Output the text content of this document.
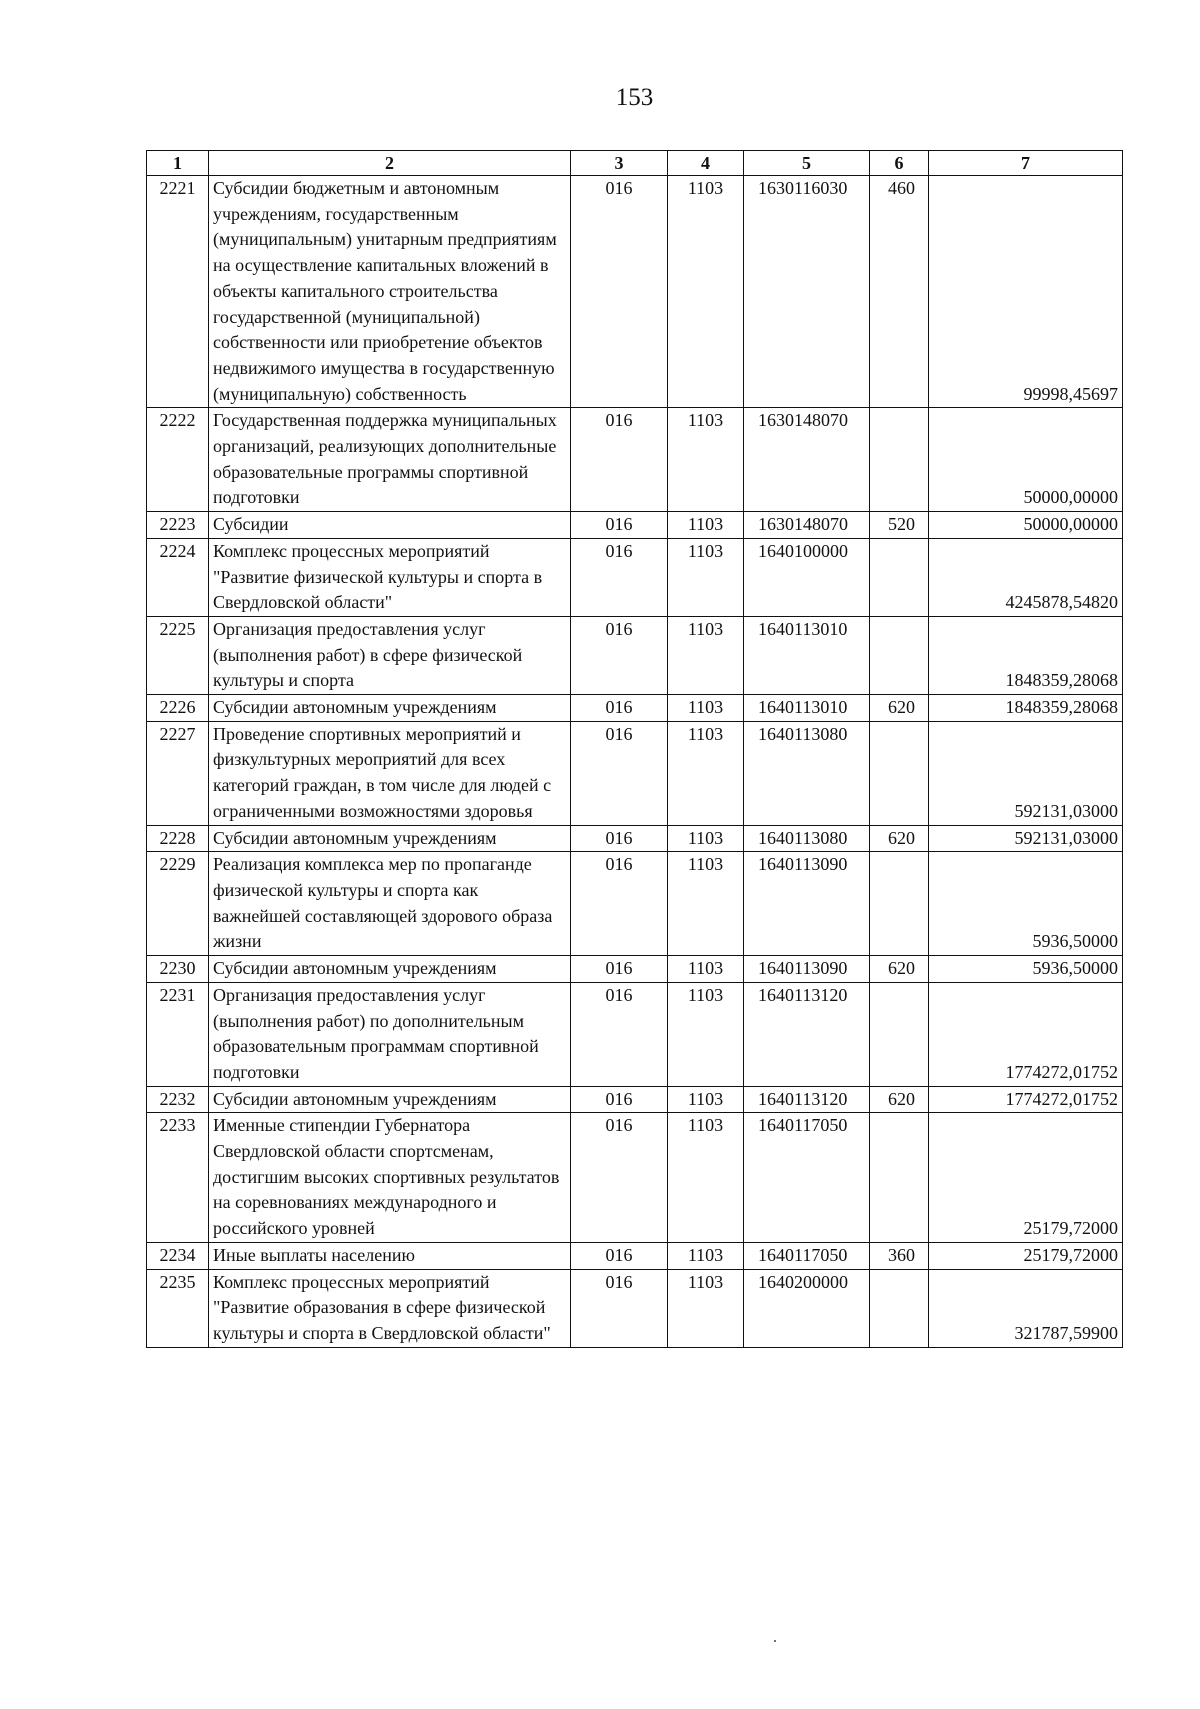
153
1	2	3	4	5	6	7
2221	Субсидии бюджетным и автономным учреждениям, государственным (муниципальным) унитарным предприятиям на осуществление капитальных вложений в объекты капитального строительства государственной (муниципальной) собственности или приобретение объектов недвижимого имущества в государственную (муниципальную) собственность	016	1103	1630116030	460	99998,45697
2222	Государственная поддержка муниципальных организаций, реализующих дополнительные образовательные программы спортивной подготовки	016	1103	1630148070		50000,00000
2223	Субсидии	016	1103	1630148070	520	50000,00000
2224	Комплекс процессных мероприятий "Развитие физической культуры и спорта в Свердловской области"	016	1103	1640100000		4245878,54820
2225	Организация предоставления услуг (выполнения работ) в сфере физической культуры и спорта	016	1103	1640113010		1848359,28068
2226	Субсидии автономным учреждениям	016	1103	1640113010	620	1848359,28068
2227	Проведение спортивных мероприятий и физкультурных мероприятий для всех категорий граждан, в том числе для людей с ограниченными возможностями здоровья	016	1103	1640113080		592131,03000
2228	Субсидии автономным учреждениям	016	1103	1640113080	620	592131,03000
2229	Реализация комплекса мер по пропаганде физической культуры и спорта как важнейшей составляющей здорового образа жизни	016	1103	1640113090		5936,50000
2230	Субсидии автономным учреждениям	016	1103	1640113090	620	5936,50000
2231	Организация предоставления услуг (выполнения работ) по дополнительным образовательным программам спортивной подготовки	016	1103	1640113120		1774272,01752
2232	Субсидии автономным учреждениям	016	1103	1640113120	620	1774272,01752
2233	Именные стипендии Губернатора Свердловской области спортсменам, достигшим высоких спортивных результатов на соревнованиях международного и российского уровней	016	1103	1640117050		25179,72000
2234	Иные выплаты населению	016	1103	1640117050	360	25179,72000
2235	Комплекс процессных мероприятий "Развитие образования в сфере физической культуры и спорта в Свердловской области"	016	1103	1640200000		321787,59900
